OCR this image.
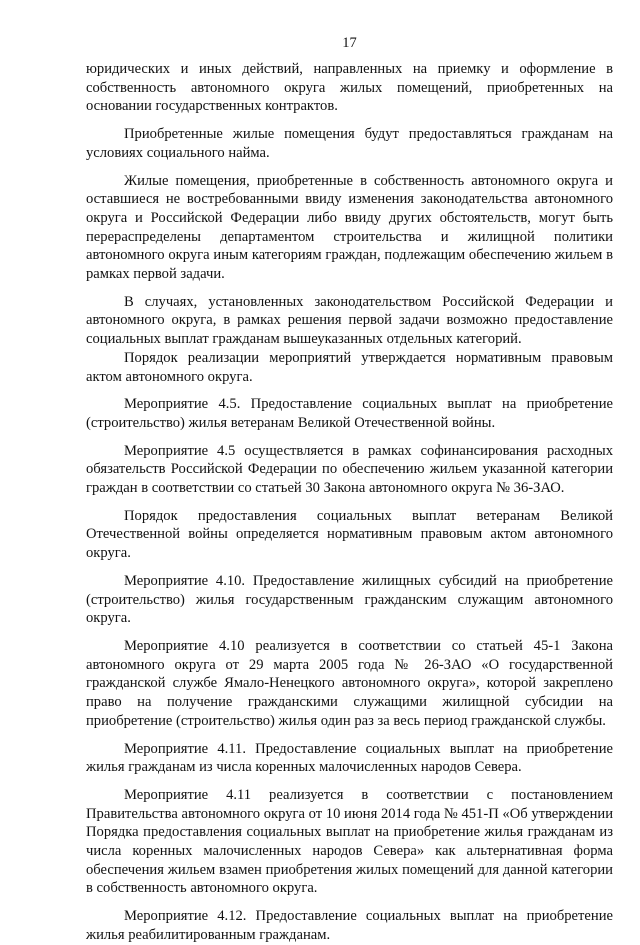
17

юридических и иных действий, направленных на приемку и оформление в собственность автономного округа жилых помещений, приобретенных на основании государственных контрактов.

Приобретенные жилые помещения будут предоставляться гражданам на условиях социального найма.

Жилые помещения, приобретенные в собственность автономного округа и оставшиеся не востребованными ввиду изменения законодательства автономного округа и Российской Федерации либо ввиду других обстоятельств, могут быть перераспределены департаментом строительства и жилищной политики автономного округа иным категориям граждан, подлежащим обеспечению жильем в рамках первой задачи.

В случаях, установленных законодательством Российской Федерации и автономного округа, в рамках решения первой задачи возможно предоставление социальных выплат гражданам вышеуказанных отдельных категорий.

Порядок реализации мероприятий утверждается нормативным правовым актом автономного округа.

Мероприятие 4.5. Предоставление социальных выплат на приобретение (строительство) жилья ветеранам Великой Отечественной войны.

Мероприятие 4.5 осуществляется в рамках софинансирования расходных обязательств Российской Федерации по обеспечению жильем указанной категории граждан в соответствии со статьей 30 Закона автономного округа № 36-ЗАО.

Порядок предоставления социальных выплат ветеранам Великой Отечественной войны определяется нормативным правовым актом автономного округа.

Мероприятие 4.10. Предоставление жилищных субсидий на приобретение (строительство) жилья государственным гражданским служащим автономного округа.

Мероприятие 4.10 реализуется в соответствии со статьей 45-1 Закона автономного округа от 29 марта 2005 года № 26-ЗАО «О государственной гражданской службе Ямало-Ненецкого автономного округа», которой закреплено право на получение гражданскими служащими жилищной субсидии на приобретение (строительство) жилья один раз за весь период гражданской службы.

Мероприятие 4.11. Предоставление социальных выплат на приобретение жилья гражданам из числа коренных малочисленных народов Севера.

Мероприятие 4.11 реализуется в соответствии с постановлением Правительства автономного округа от 10 июня 2014 года № 451-П «Об утверждении Порядка предоставления социальных выплат на приобретение жилья гражданам из числа коренных малочисленных народов Севера» как альтернативная форма обеспечения жильем взамен приобретения жилых помещений для данной категории в собственность автономного округа.

Мероприятие 4.12. Предоставление социальных выплат на приобретение жилья реабилитированным гражданам.
